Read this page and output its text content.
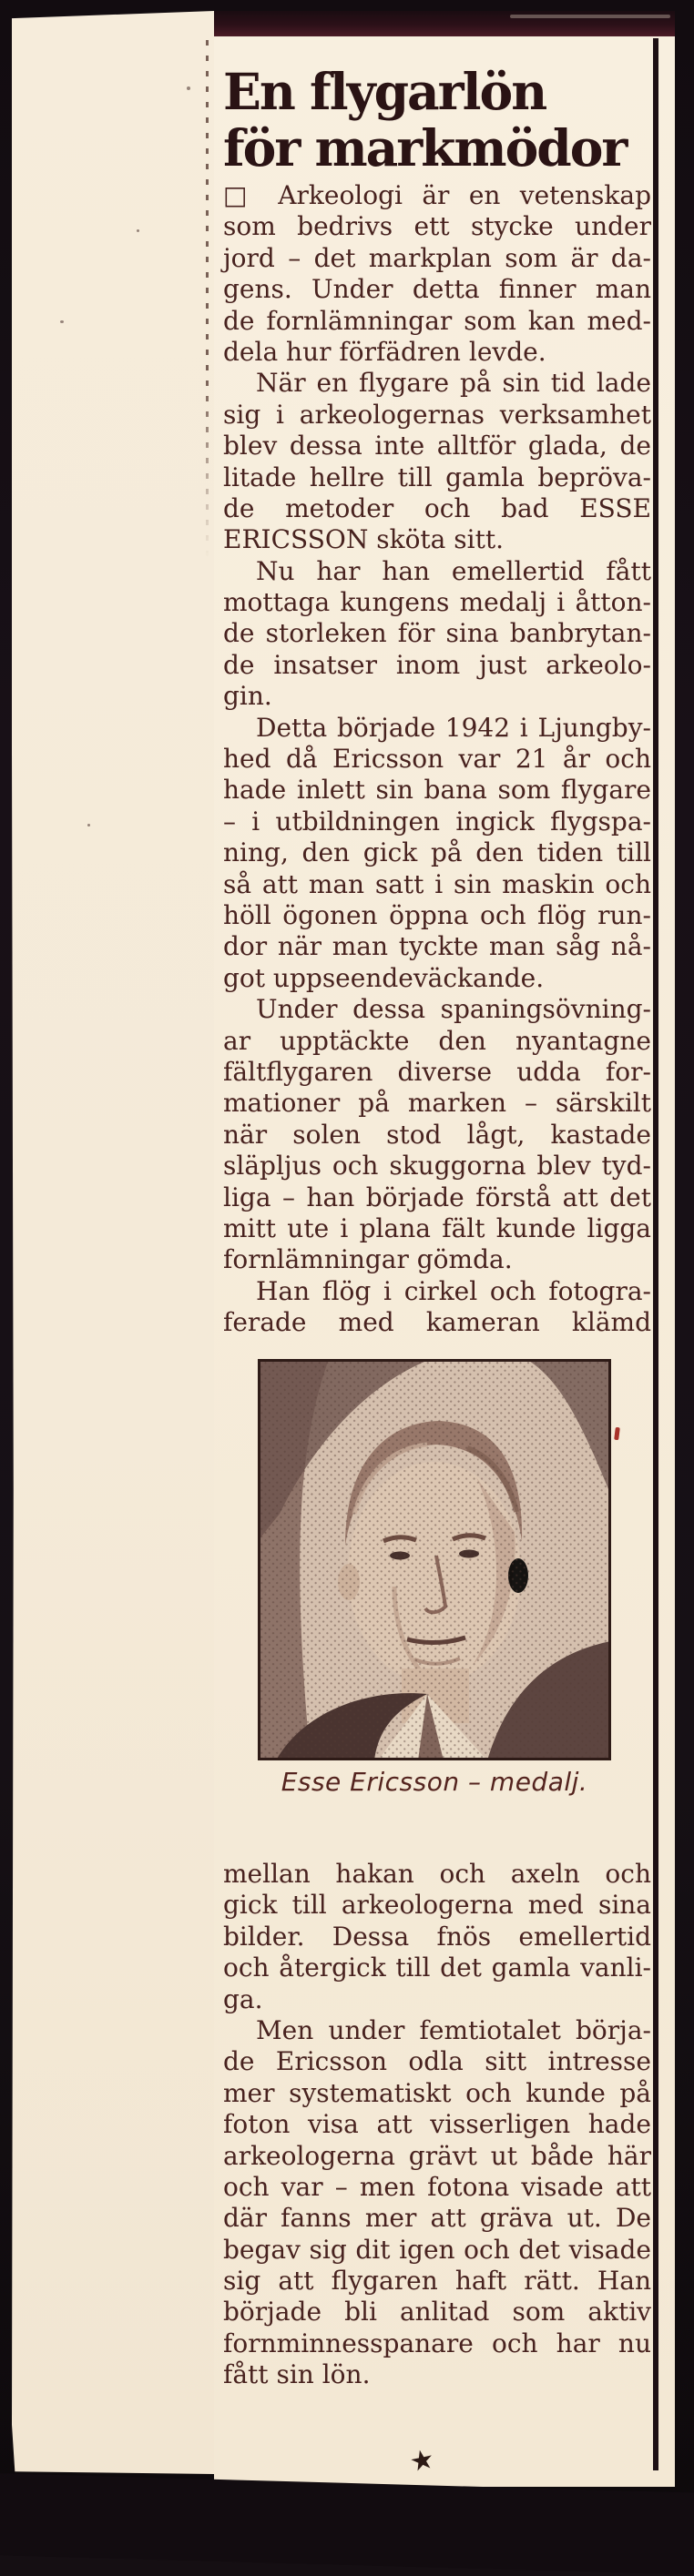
En flygarlön
för markmödor
□ Arkeologi är en vetenskap
som bedrivs ett stycke under
jord – det markplan som är da-
gens. Under detta finner man
de fornlämningar som kan med-
dela hur förfädren levde.
När en flygare på sin tid lade
sig i arkeologernas verksamhet
blev dessa inte alltför glada, de
litade hellre till gamla bepröva-
de metoder och bad ESSE
ERICSSON sköta sitt.
Nu har han emellertid fått
mottaga kungens medalj i åtton-
de storleken för sina banbrytan-
de insatser inom just arkeolo-
gin.
Detta började 1942 i Ljungby-
hed då Ericsson var 21 år och
hade inlett sin bana som flygare
– i utbildningen ingick flygspa-
ning, den gick på den tiden till
så att man satt i sin maskin och
höll ögonen öppna och flög run-
dor när man tyckte man såg nå-
got uppseendeväckande.
Under dessa spaningsövning-
ar upptäckte den nyantagne
fältflygaren diverse udda for-
mationer på marken – särskilt
när solen stod lågt, kastade
släpljus och skuggorna blev tyd-
liga – han började förstå att det
mitt ute i plana fält kunde ligga
fornlämningar gömda.
Han flög i cirkel och fotogra-
ferade med kameran klämd
Esse Ericsson – medalj.
mellan hakan och axeln och
gick till arkeologerna med sina
bilder. Dessa fnös emellertid
och återgick till det gamla vanli-
ga.
Men under femtiotalet börja-
de Ericsson odla sitt intresse
mer systematiskt och kunde på
foton visa att visserligen hade
arkeologerna grävt ut både här
och var – men fotona visade att
där fanns mer att gräva ut. De
begav sig dit igen och det visade
sig att flygaren haft rätt. Han
började bli anlitad som aktiv
fornminnesspanare och har nu
fått sin lön.
★
